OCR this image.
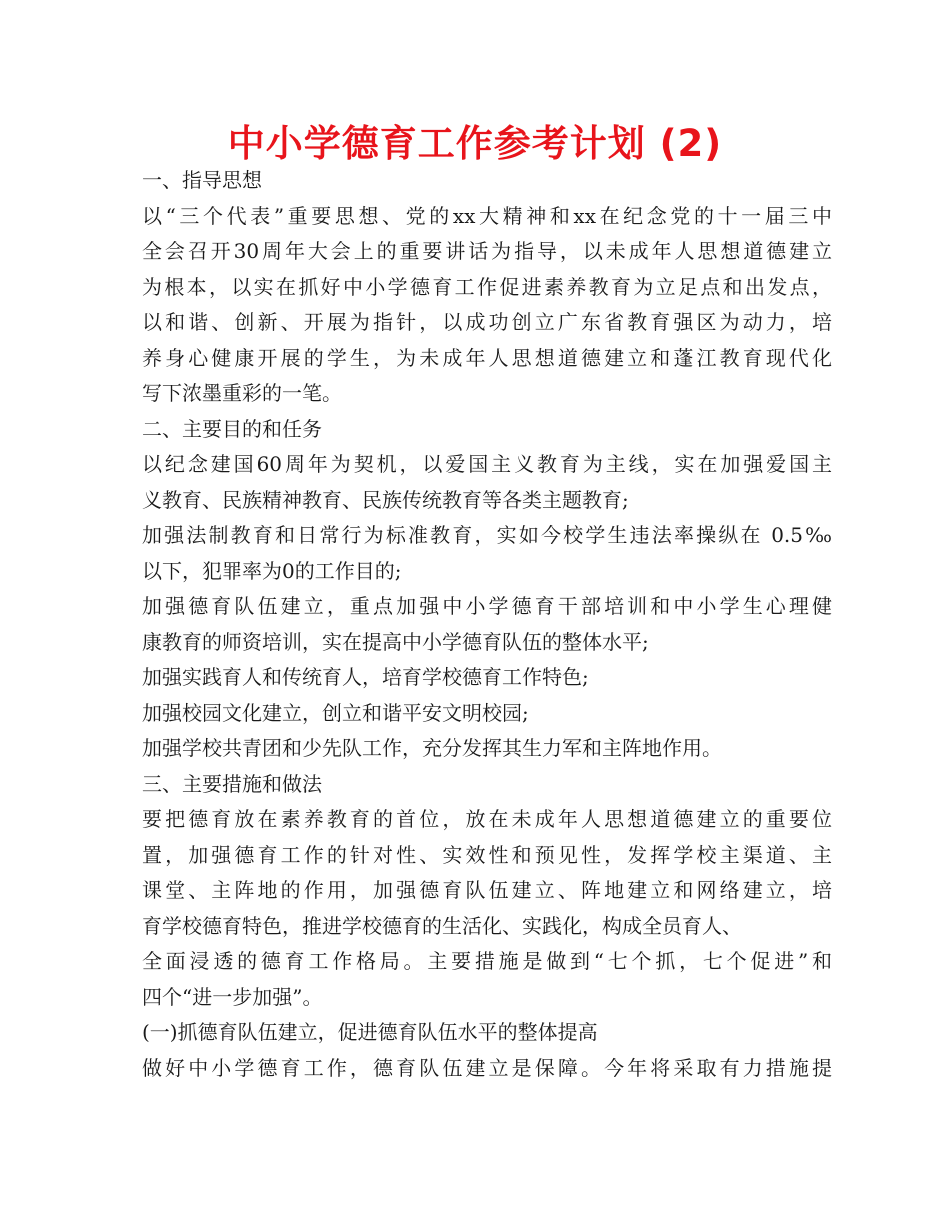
中小学德育工作参考计划 (2)
一、指导思想
以“三个代表”重要思想、党的xx大精神和xx在纪念党的十一届三中
全会召开30周年大会上的重要讲话为指导，以未成年人思想道德建立
为根本，以实在抓好中小学德育工作促进素养教育为立足点和出发点，
以和谐、创新、开展为指针，以成功创立广东省教育强区为动力，培
养身心健康开展的学生，为未成年人思想道德建立和蓬江教育现代化
写下浓墨重彩的一笔。
二、主要目的和任务
以纪念建国60周年为契机，以爱国主义教育为主线，实在加强爱国主
义教育、民族精神教育、民族传统教育等各类主题教育;
加强法制教育和日常行为标准教育，实如今校学生违法率操纵在 0.5‰
以下，犯罪率为0的工作目的;
加强德育队伍建立，重点加强中小学德育干部培训和中小学生心理健
康教育的师资培训，实在提高中小学德育队伍的整体水平;
加强实践育人和传统育人，培育学校德育工作特色;
加强校园文化建立，创立和谐平安文明校园;
加强学校共青团和少先队工作，充分发挥其生力军和主阵地作用。
三、主要措施和做法
要把德育放在素养教育的首位，放在未成年人思想道德建立的重要位
置，加强德育工作的针对性、实效性和预见性，发挥学校主渠道、主
课堂、主阵地的作用，加强德育队伍建立、阵地建立和网络建立，培
育学校德育特色，推进学校德育的生活化、实践化，构成全员育人、
全面浸透的德育工作格局。主要措施是做到“七个抓，七个促进”和
四个“进一步加强”。
(一)抓德育队伍建立，促进德育队伍水平的整体提高
做好中小学德育工作，德育队伍建立是保障。今年将采取有力措施提
